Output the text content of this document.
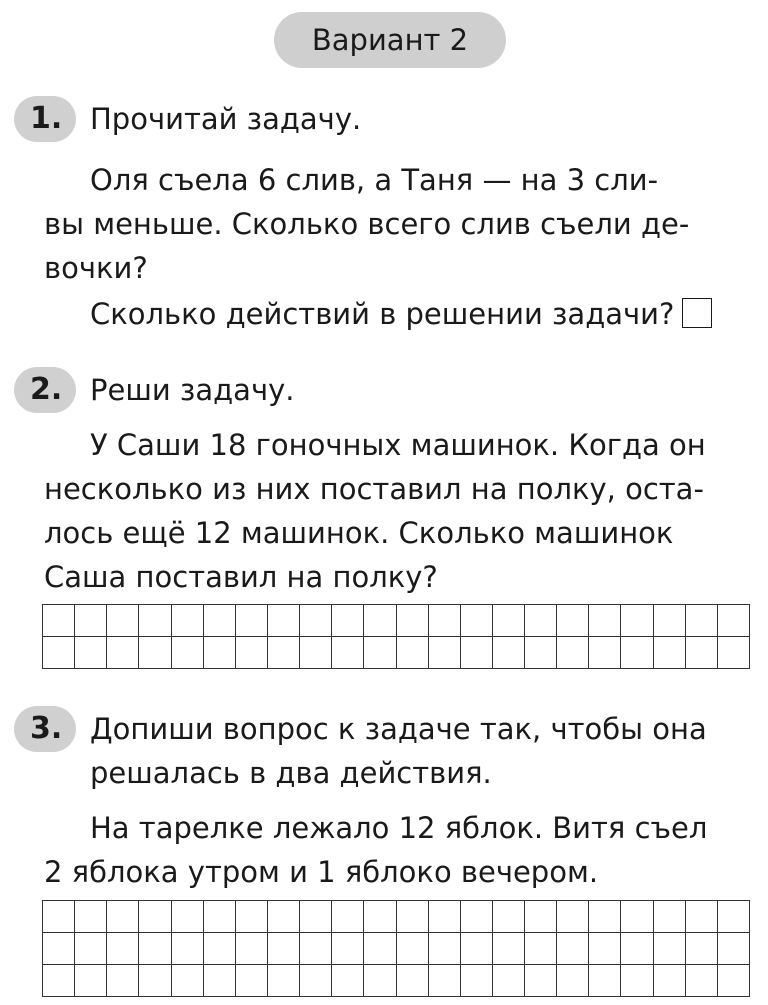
Вариант 2
1. Прочитай задачу.
Оля съела 6 слив, а Таня — на 3 сли-
вы меньше. Сколько всего слив съели де-
вочки?
Сколько действий в решении задачи?
2. Реши задачу.
У Саши 18 гоночных машинок. Когда он
несколько из них поставил на полку, оста-
лось ещё 12 машинок. Сколько машинок
Саша поставил на полку?
3. Допиши вопрос к задаче так, чтобы она
решалась в два действия.
На тарелке лежало 12 яблок. Витя съел
2 яблока утром и 1 яблоко вечером.
